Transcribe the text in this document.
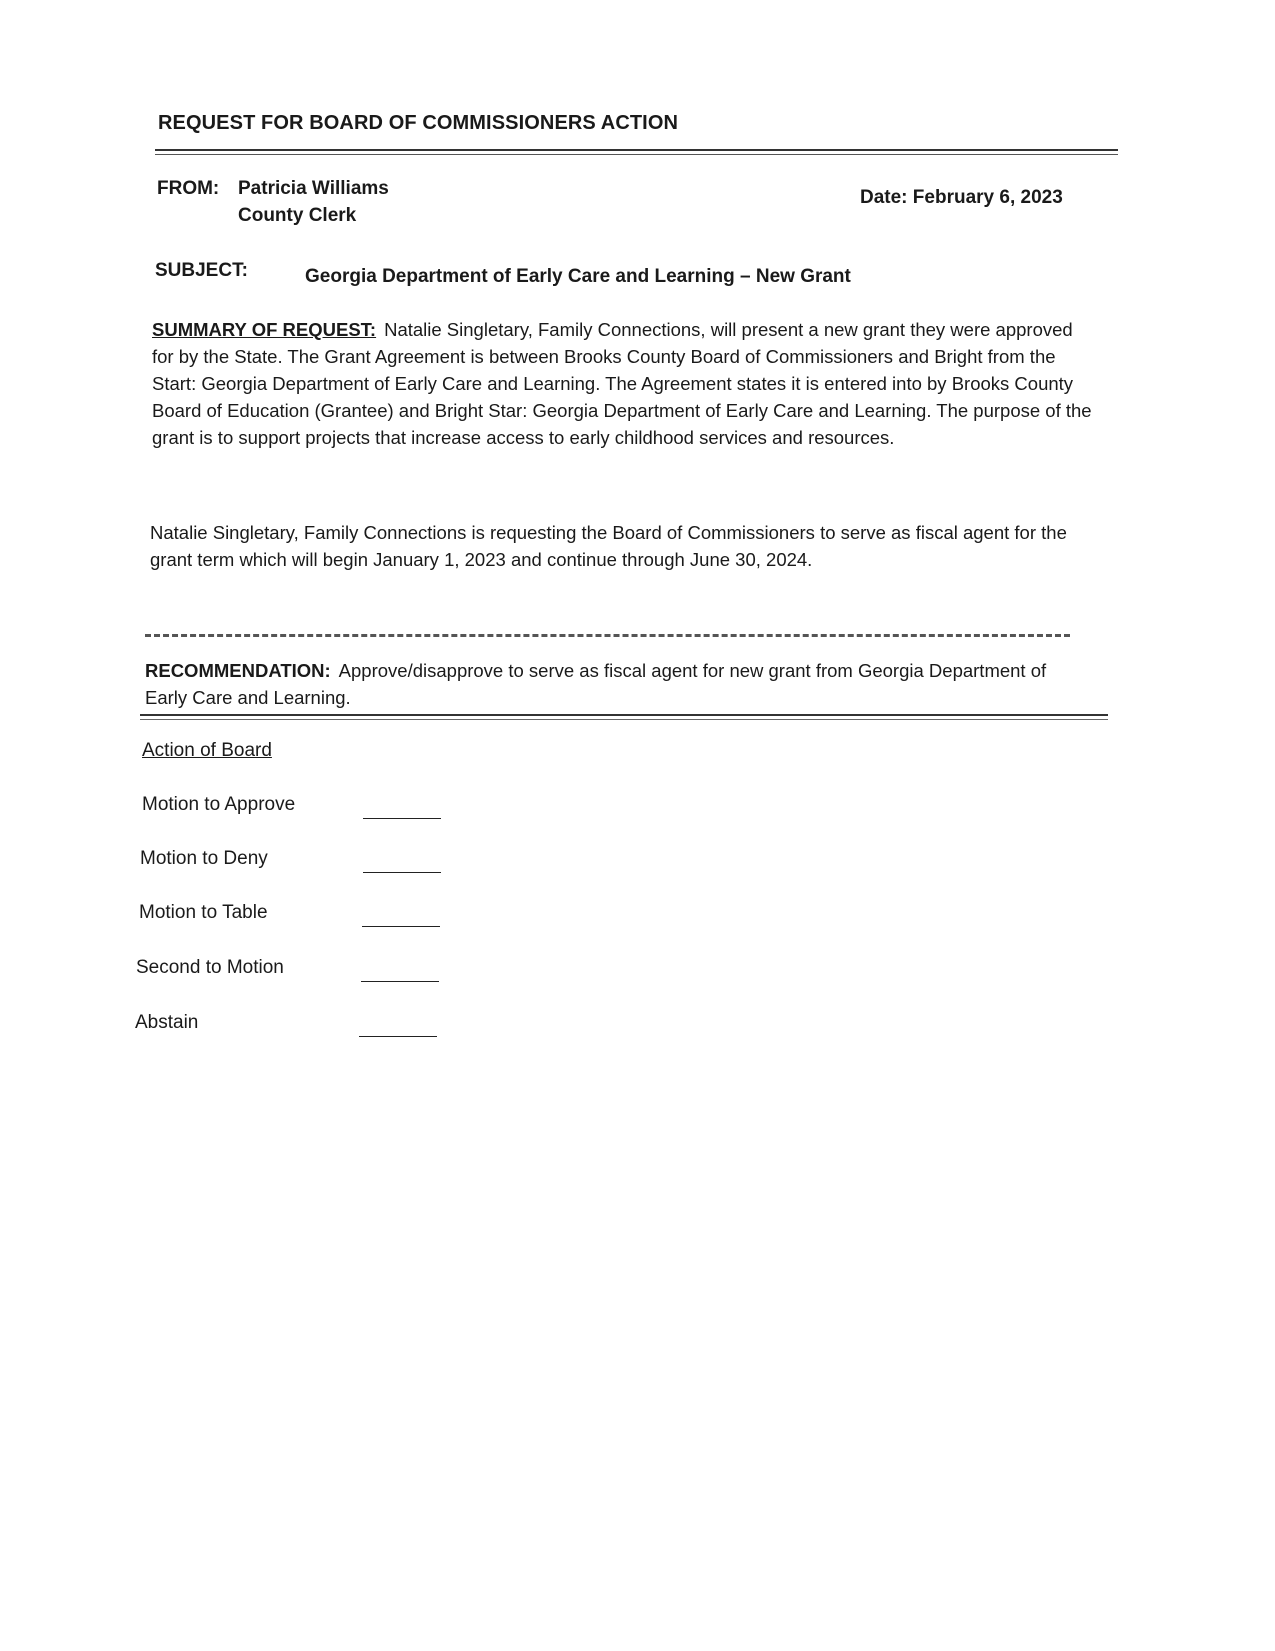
REQUEST FOR BOARD OF COMMISSIONERS ACTION
FROM: Patricia Williams
County Clerk
Date: February 6, 2023
SUBJECT:	Georgia Department of Early Care and Learning – New Grant
SUMMARY OF REQUEST: Natalie Singletary, Family Connections, will present a new grant they were approved for by the State. The Grant Agreement is between Brooks County Board of Commissioners and Bright from the Start: Georgia Department of Early Care and Learning. The Agreement states it is entered into by Brooks County Board of Education (Grantee) and Bright Star: Georgia Department of Early Care and Learning. The purpose of the grant is to support projects that increase access to early childhood services and resources.
Natalie Singletary, Family Connections is requesting the Board of Commissioners to serve as fiscal agent for the grant term which will begin January 1, 2023 and continue through June 30, 2024.
RECOMMENDATION: Approve/disapprove to serve as fiscal agent for new grant from Georgia Department of Early Care and Learning.
Action of Board
Motion to Approve
Motion to Deny
Motion to Table
Second to Motion
Abstain
